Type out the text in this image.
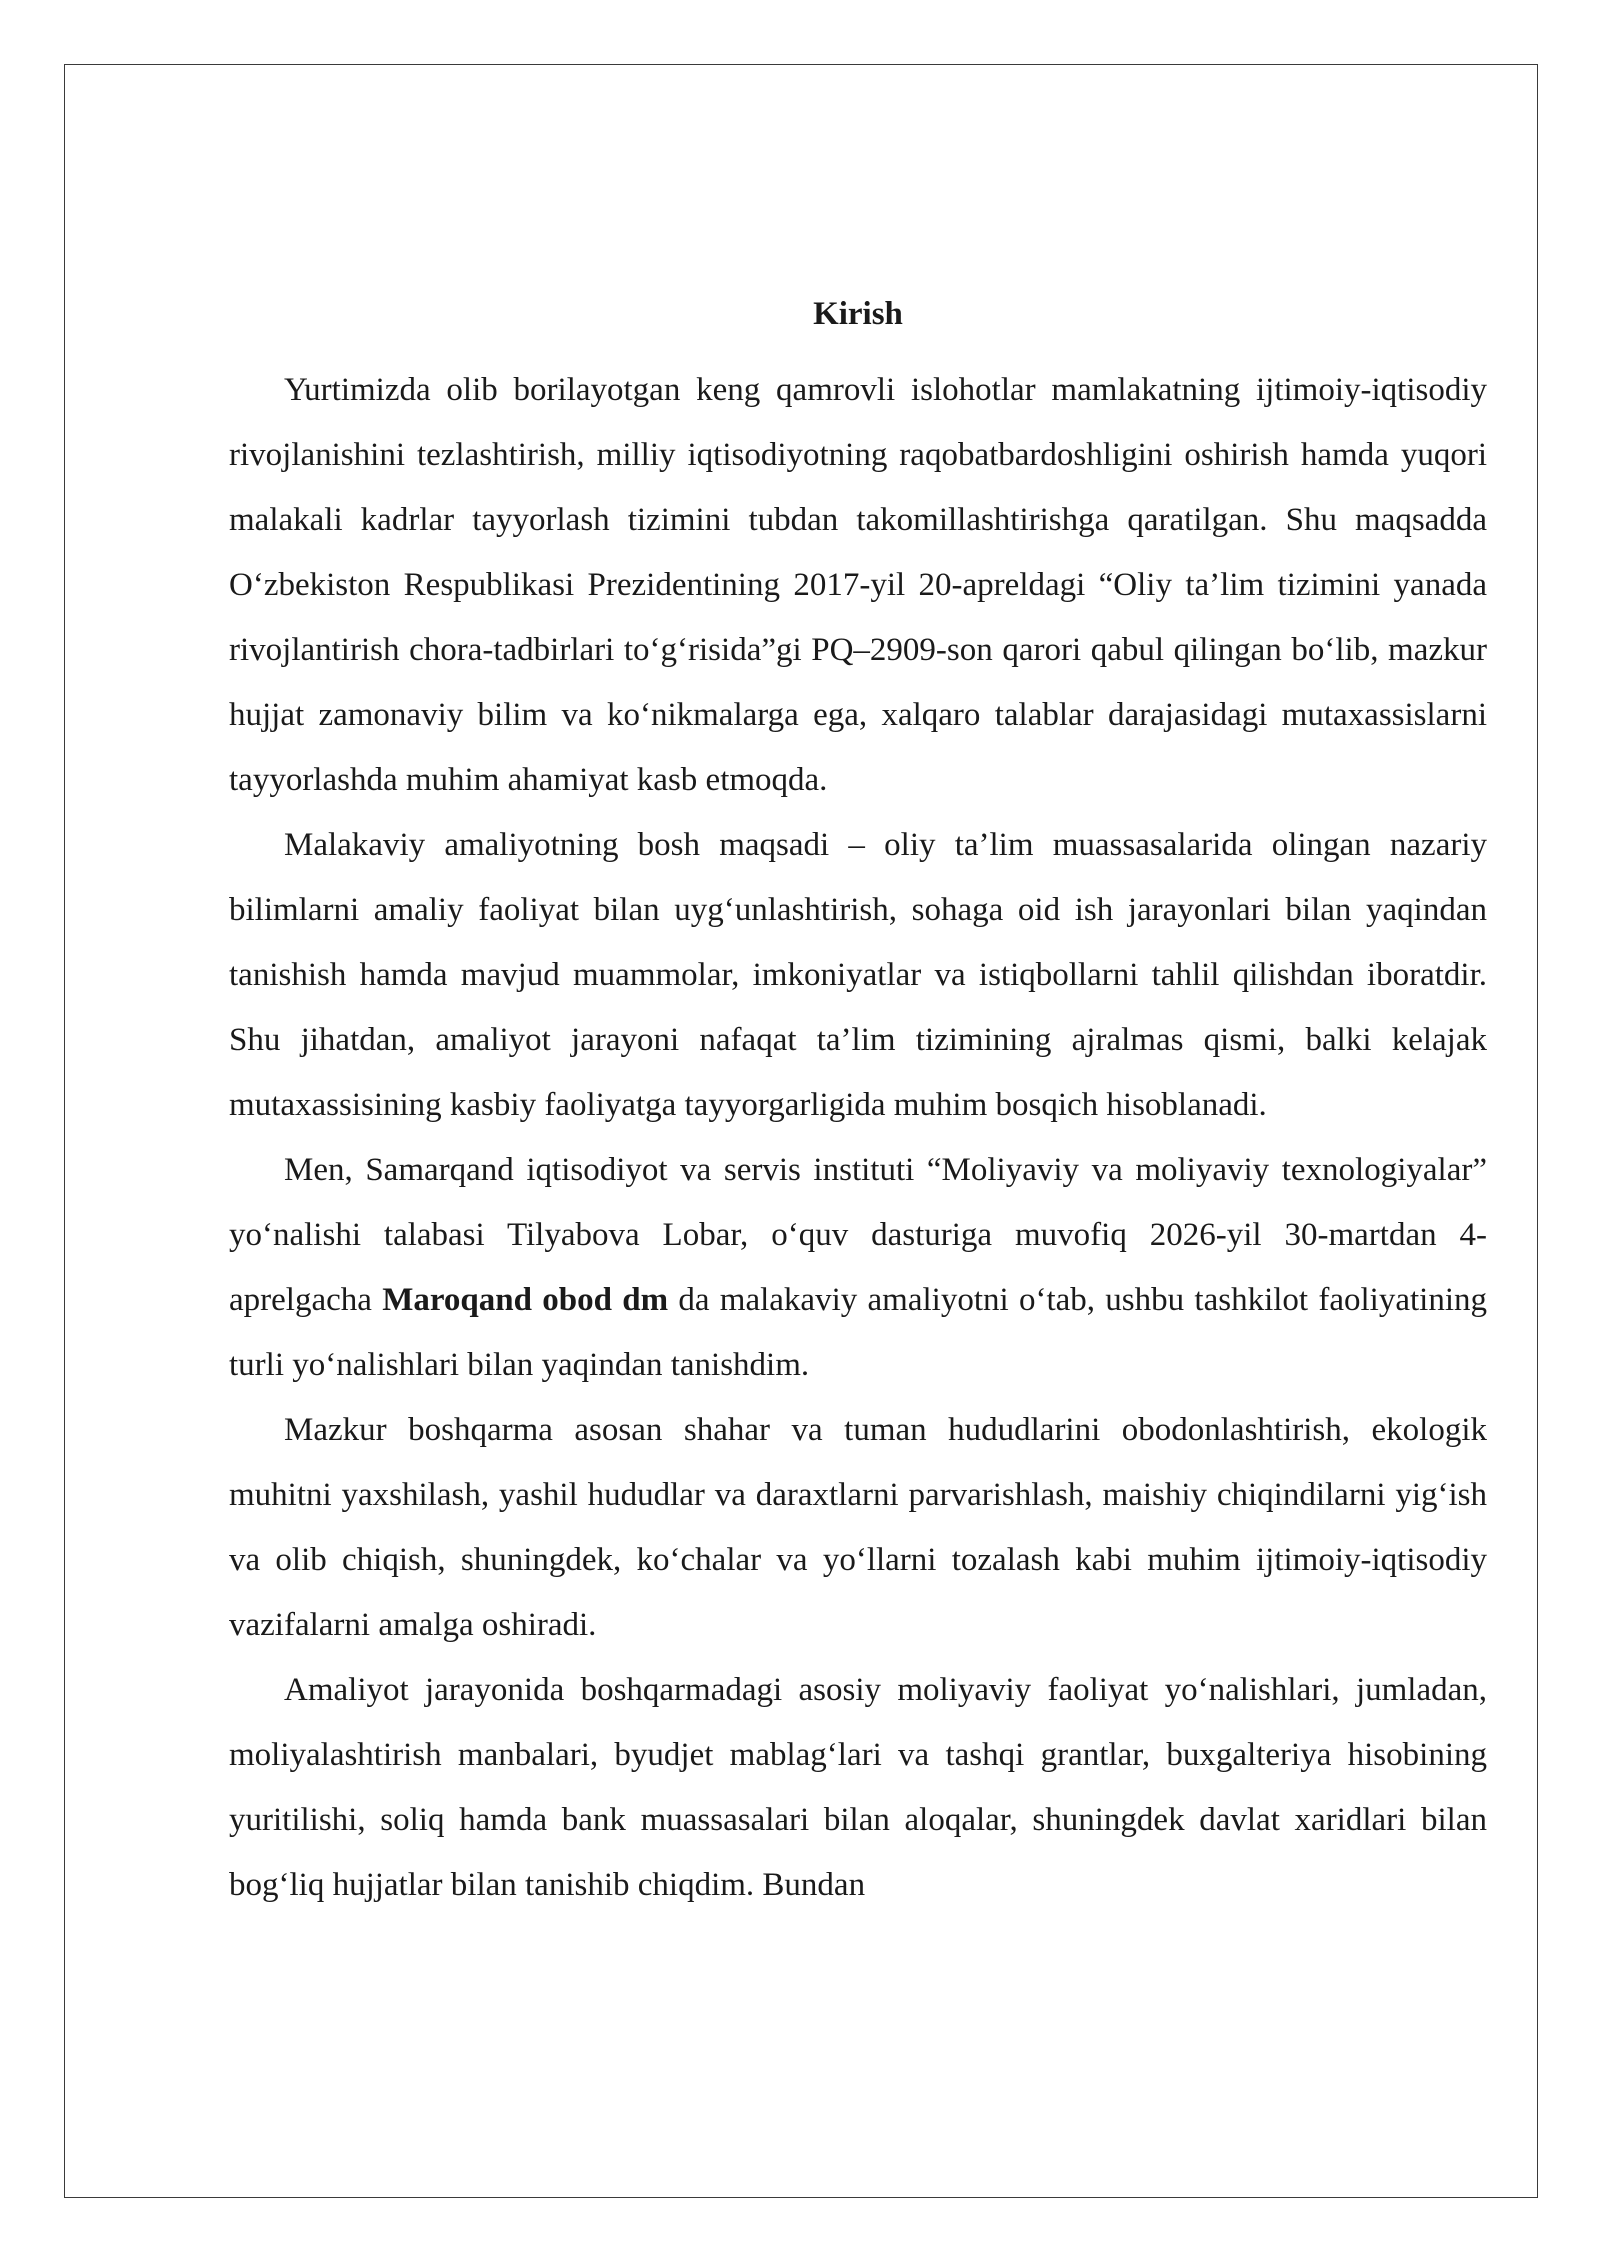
Kirish

Yurtimizda olib borilayotgan keng qamrovli islohotlar mamlakatning ijtimoiy-iqtisodiy rivojlanishini tezlashtirish, milliy iqtisodiyotning raqobatbardoshligini oshirish hamda yuqori malakali kadrlar tayyorlash tizimini tubdan takomillashtirishga qaratilgan. Shu maqsadda O‘zbekiston Respublikasi Prezidentining 2017-yil 20-apreldagi “Oliy ta’lim tizimini yanada rivojlantirish chora-tadbirlari to‘g‘risida”gi PQ–2909-son qarori qabul qilingan bo‘lib, mazkur hujjat zamonaviy bilim va ko‘nikmalarga ega, xalqaro talablar darajasidagi mutaxassislarni tayyorlashda muhim ahamiyat kasb etmoqda.

Malakaviy amaliyotning bosh maqsadi – oliy ta’lim muassasalarida olingan nazariy bilimlarni amaliy faoliyat bilan uyg‘unlashtirish, sohaga oid ish jarayonlari bilan yaqindan tanishish hamda mavjud muammolar, imkoniyatlar va istiqbollarni tahlil qilishdan iboratdir. Shu jihatdan, amaliyot jarayoni nafaqat ta’lim tizimining ajralmas qismi, balki kelajak mutaxassisining kasbiy faoliyatga tayyorgarligida muhim bosqich hisoblanadi.

Men, Samarqand iqtisodiyot va servis instituti “Moliyaviy va moliyaviy texnologiyalar” yo‘nalishi talabasi Tilyabova Lobar, o‘quv dasturiga muvofiq 2026-yil 30-martdan 4-aprelgacha Maroqand obod dm da malakaviy amaliyotni o‘tab, ushbu tashkilot faoliyatining turli yo‘nalishlari bilan yaqindan tanishdim.

Mazkur boshqarma asosan shahar va tuman hududlarini obodonlashtirish, ekologik muhitni yaxshilash, yashil hududlar va daraxtlarni parvarishlash, maishiy chiqindilarni yig‘ish va olib chiqish, shuningdek, ko‘chalar va yo‘llarni tozalash kabi muhim ijtimoiy-iqtisodiy vazifalarni amalga oshiradi.

Amaliyot jarayonida boshqarmadagi asosiy moliyaviy faoliyat yo‘nalishlari, jumladan, moliyalashtirish manbalari, byudjet mablag‘lari va tashqi grantlar, buxgalteriya hisobining yuritilishi, soliq hamda bank muassasalari bilan aloqalar, shuningdek davlat xaridlari bilan bog‘liq hujjatlar bilan tanishib chiqdim. Bundan
